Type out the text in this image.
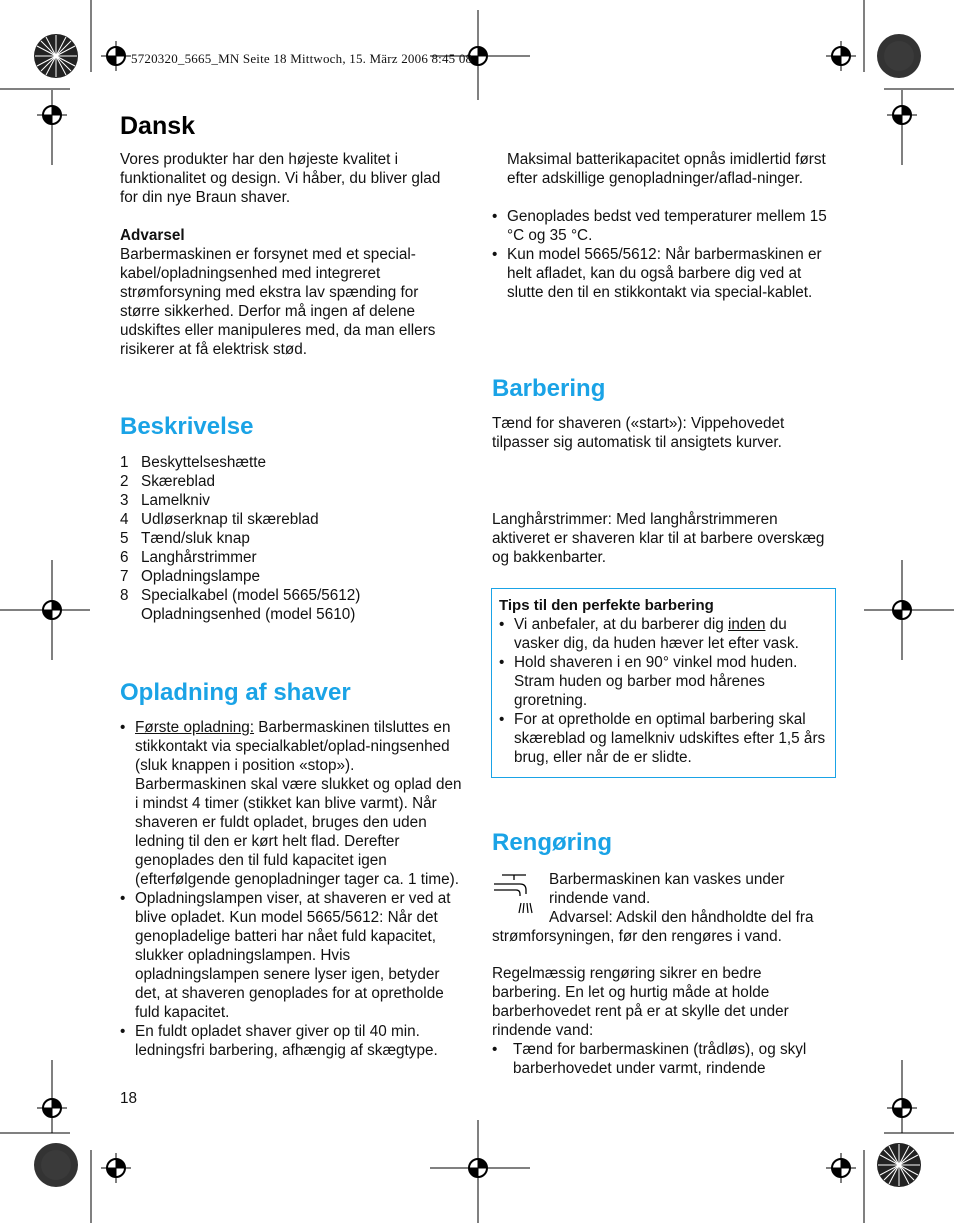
5720320_5665_MN Seite 18 Mittwoch, 15. März 2006 8:45 08
Dansk
Vores produkter har den højeste kvalitet i funktionalitet og design. Vi håber, du bliver glad for din nye Braun shaver.
Advarsel
Barbermaskinen er forsynet med et special-kabel/opladningsenhed med integreret strømforsyning med ekstra lav spænding for større sikkerhed. Derfor må ingen af delene udskiftes eller manipuleres med, da man ellers risikerer at få elektrisk stød.
Beskrivelse
1 Beskyttelseshætte
2 Skæreblad
3 Lamelkniv
4 Udløserknap til skæreblad
5 Tænd/sluk knap
6 Langhårstrimmer
7 Opladningslampe
8 Specialkabel (model 5665/5612)
Opladningsenhed (model 5610)
Opladning af shaver
• Første opladning: Barbermaskinen tilsluttes en stikkontakt via specialkablet/oplad-ningsenhed (sluk knappen i position «stop»). Barbermaskinen skal være slukket og oplad den i mindst 4 timer (stikket kan blive varmt). Når shaveren er fuldt opladet, bruges den uden ledning til den er kørt helt flad. Derefter genoplades den til fuld kapacitet igen (efterfølgende genopladninger tager ca. 1 time).
• Opladningslampen viser, at shaveren er ved at blive opladet. Kun model 5665/5612: Når det genopladelige batteri har nået fuld kapacitet, slukker opladningslampen. Hvis opladningslampen senere lyser igen, betyder det, at shaveren genoplades for at opretholde fuld kapacitet.
• En fuldt opladet shaver giver op til 40 min. ledningsfri barbering, afhængig af skægtype.
18
Maksimal batterikapacitet opnås imidlertid først efter adskillige genopladninger/aflad-ninger.
• Genoplades bedst ved temperaturer mellem 15 °C og 35 °C.
• Kun model 5665/5612: Når barbermaskinen er helt afladet, kan du også barbere dig ved at slutte den til en stikkontakt via special-kablet.
Barbering
Tænd for shaveren («start»): Vippehovedet tilpasser sig automatisk til ansigtets kurver.
Langhårstrimmer: Med langhårstrimmeren aktiveret er shaveren klar til at barbere overskæg og bakkenbarter.
Tips til den perfekte barbering
• Vi anbefaler, at du barberer dig inden du vasker dig, da huden hæver let efter vask.
• Hold shaveren i en 90° vinkel mod huden. Stram huden og barber mod hårenes groretning.
• For at opretholde en optimal barbering skal skæreblad og lamelkniv udskiftes efter 1,5 års brug, eller når de er slidte.
Rengøring
Barbermaskinen kan vaskes under rindende vand.
Advarsel: Adskil den håndholdte del fra strømforsyningen, før den rengøres i vand.
Regelmæssig rengøring sikrer en bedre barbering. En let og hurtig måde at holde barberhovedet rent på er at skylle det under rindende vand:
• Tænd for barbermaskinen (trådløs), og skyl barberhovedet under varmt, rindende
